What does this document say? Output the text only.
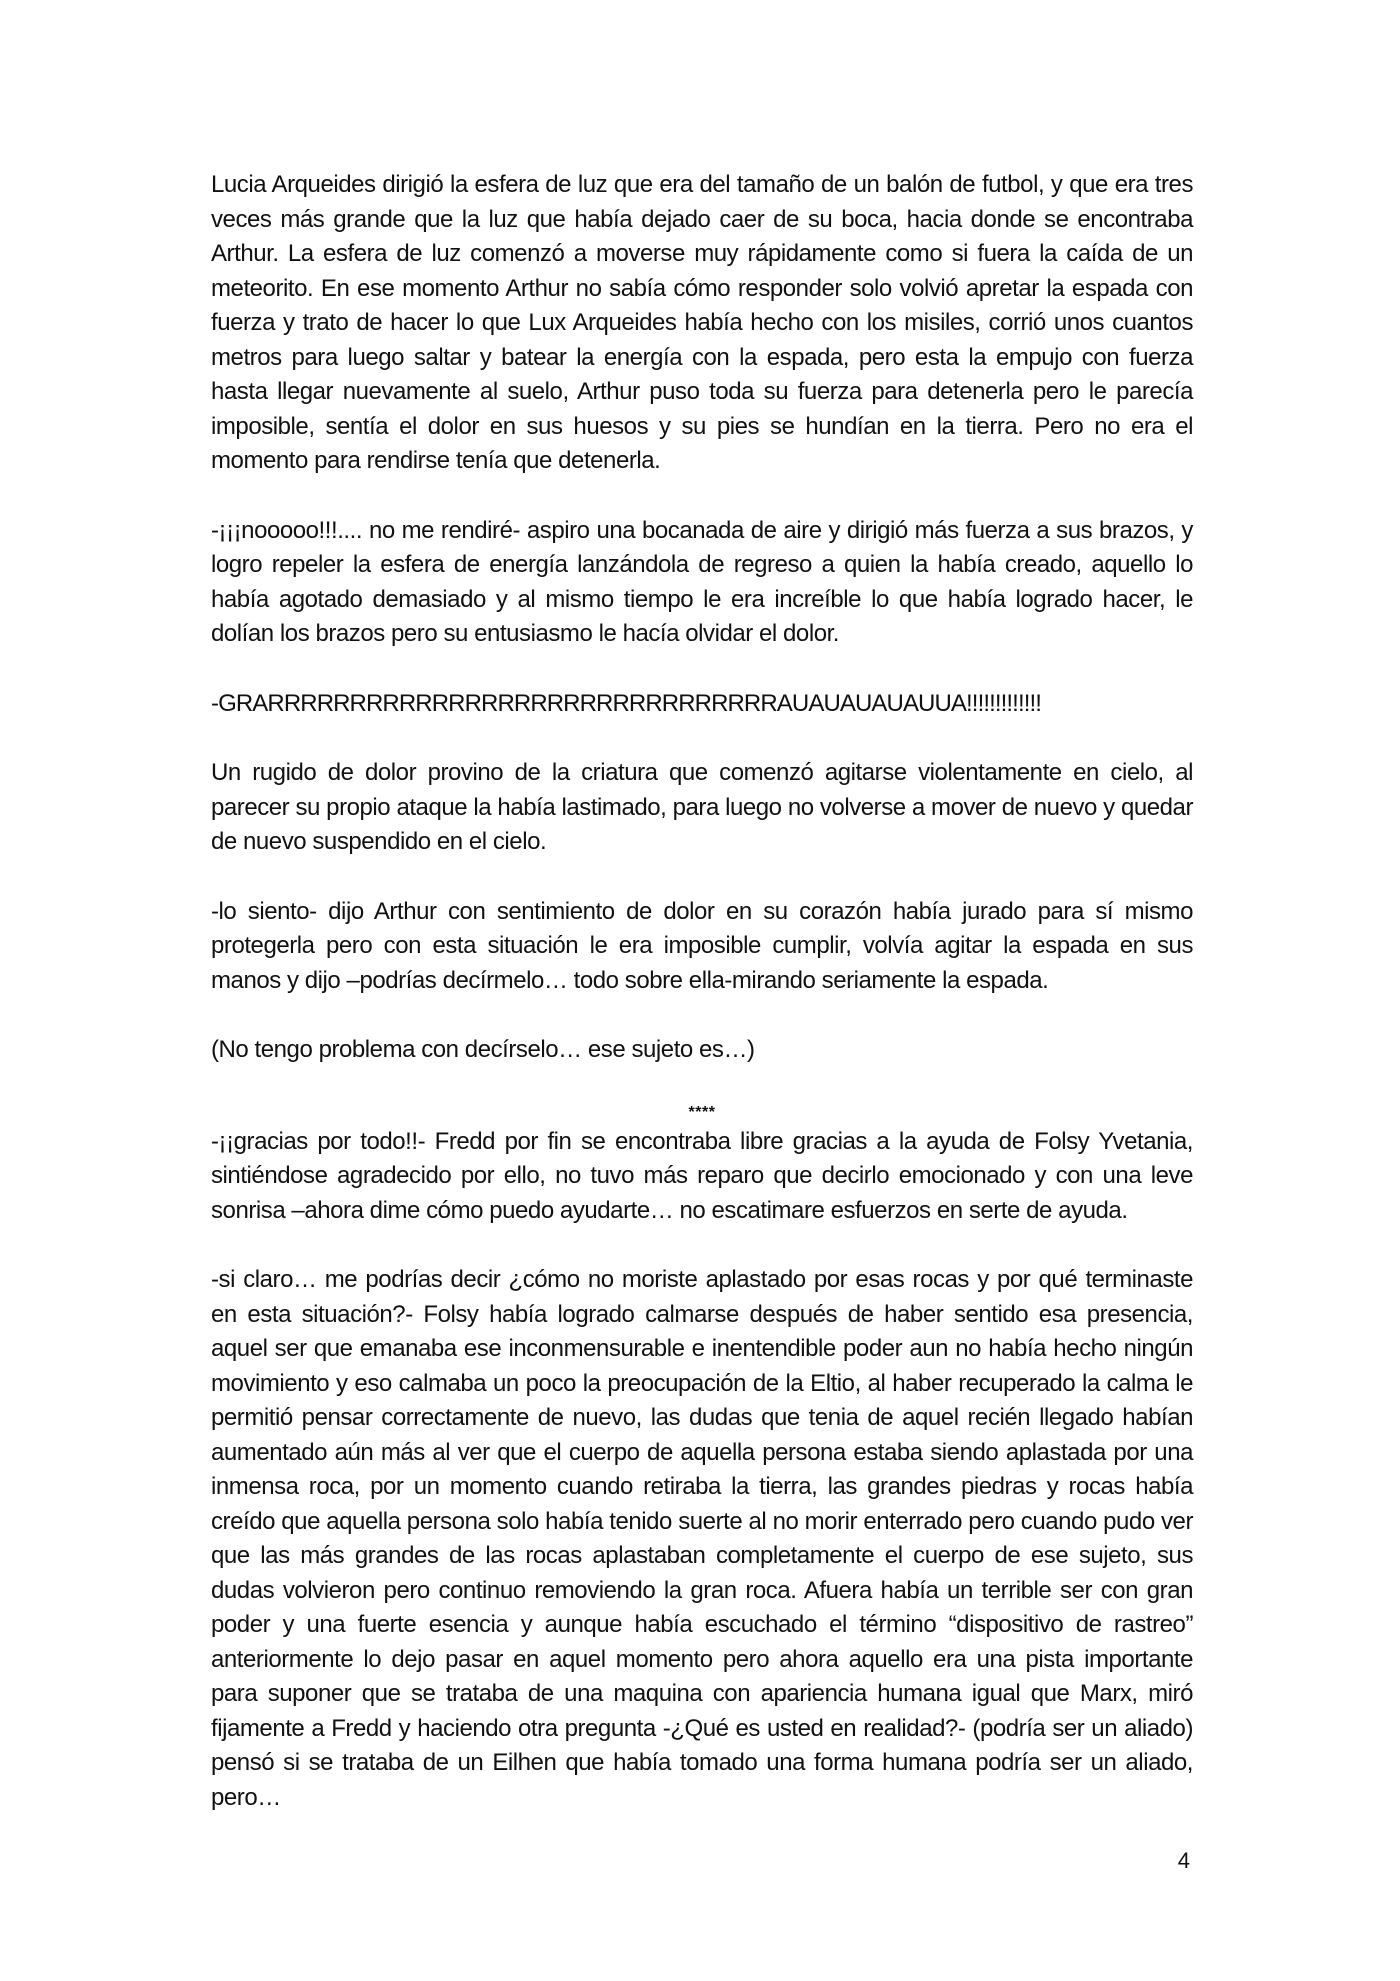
Lucia Arqueides dirigió la esfera de luz que era del tamaño de un balón de futbol, y que era tres veces más grande que la luz que había dejado caer de su boca, hacia donde se encontraba Arthur. La esfera de luz comenzó a moverse muy rápidamente como si fuera la caída de un meteorito. En ese momento Arthur no sabía cómo responder solo volvió apretar la espada con fuerza y trato de hacer lo que Lux Arqueides había hecho con los misiles, corrió unos cuantos metros para luego saltar y batear la energía con la espada, pero esta la empujo con fuerza hasta llegar nuevamente al suelo, Arthur puso toda su fuerza para detenerla pero le parecía imposible, sentía el dolor en sus huesos y su pies se hundían en la tierra. Pero no era el momento para rendirse tenía que detenerla.

-¡¡¡nooooo!!!.... no me rendiré- aspiro una bocanada de aire y dirigió más fuerza a sus brazos, y logro repeler la esfera de energía lanzándola de regreso a quien la había creado, aquello lo había agotado demasiado y al mismo tiempo le era increíble lo que había logrado hacer, le dolían los brazos pero su entusiasmo le hacía olvidar el dolor.

-GRARRRRRRRRRRRRRRRRRRRRRRRRRRRRRRRAUAUAUAUAUUA!!!!!!!!!!!!!

Un rugido de dolor provino de la criatura que comenzó agitarse violentamente en cielo, al parecer su propio ataque la había lastimado, para luego no volverse a mover de nuevo y quedar de nuevo suspendido en el cielo.

-lo siento- dijo Arthur con sentimiento de dolor en su corazón había jurado para sí mismo protegerla pero con esta situación le era imposible cumplir, volvía agitar la espada en sus manos y dijo –podrías decírmelo… todo sobre ella-mirando seriamente la espada.

(No tengo problema con decírselo… ese sujeto es…)

****

-¡¡gracias por todo!!- Fredd por fin se encontraba libre gracias a la ayuda de Folsy Yvetania, sintiéndose agradecido por ello, no tuvo más reparo que decirlo emocionado y con una leve sonrisa –ahora dime cómo puedo ayudarte… no escatimare esfuerzos en serte de ayuda.

-si claro… me podrías decir ¿cómo no moriste aplastado por esas rocas y por qué terminaste en esta situación?- Folsy había logrado calmarse después de haber sentido esa presencia, aquel ser que emanaba ese inconmensurable e inentendible poder aun no había hecho ningún movimiento y eso calmaba un poco la preocupación de la Eltio, al haber recuperado la calma le permitió pensar correctamente de nuevo, las dudas que tenia de aquel recién llegado habían aumentado aún más al ver que el cuerpo de aquella persona estaba siendo aplastada por una inmensa roca, por un momento cuando retiraba la tierra, las grandes piedras y rocas había creído que aquella persona solo había tenido suerte al no morir enterrado pero cuando pudo ver que las más grandes de las rocas aplastaban completamente el cuerpo de ese sujeto, sus dudas volvieron pero continuo removiendo la gran roca. Afuera había un terrible ser con gran poder y una fuerte esencia y aunque había escuchado el término “dispositivo de rastreo” anteriormente lo dejo pasar en aquel momento pero ahora aquello era una pista importante para suponer que se trataba de una maquina con apariencia humana igual que Marx, miró fijamente a Fredd y haciendo otra pregunta -¿Qué es usted en realidad?- (podría ser un aliado) pensó si se trataba de un Eilhen que había tomado una forma humana podría ser un aliado, pero…

4
